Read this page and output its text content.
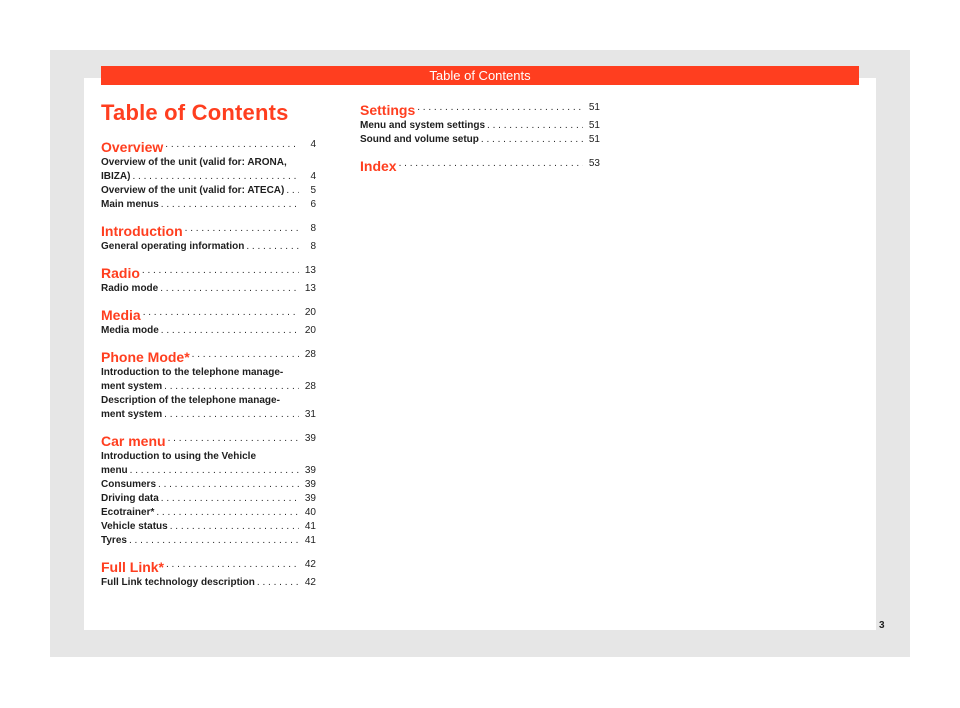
Table of Contents
Table of Contents
Overview . . .	4
Overview of the unit (valid for: ARONA,
IBIZA) . . .	4
Overview of the unit (valid for: ATECA) . . .	5
Main menus . . .	6
Introduction . . .	8
General operating information . . .	8
Radio . . .	13
Radio mode . . .	13
Media . . .	20
Media mode . . .	20
Phone Mode* . . .	28
Introduction to the telephone manage-
ment system . . .	28
Description of the telephone manage-
ment system . . .	31
Car menu . . .	39
Introduction to using the Vehicle
menu . . .	39
Consumers . . .	39
Driving data . . .	39
Ecotrainer* . . .	40
Vehicle status . . .	41
Tyres . . .	41
Full Link* . . .	42
Full Link technology description . . .	42
Settings . . .	51
Menu and system settings . . .	51
Sound and volume setup . . .	51
Index . . .	53
3
